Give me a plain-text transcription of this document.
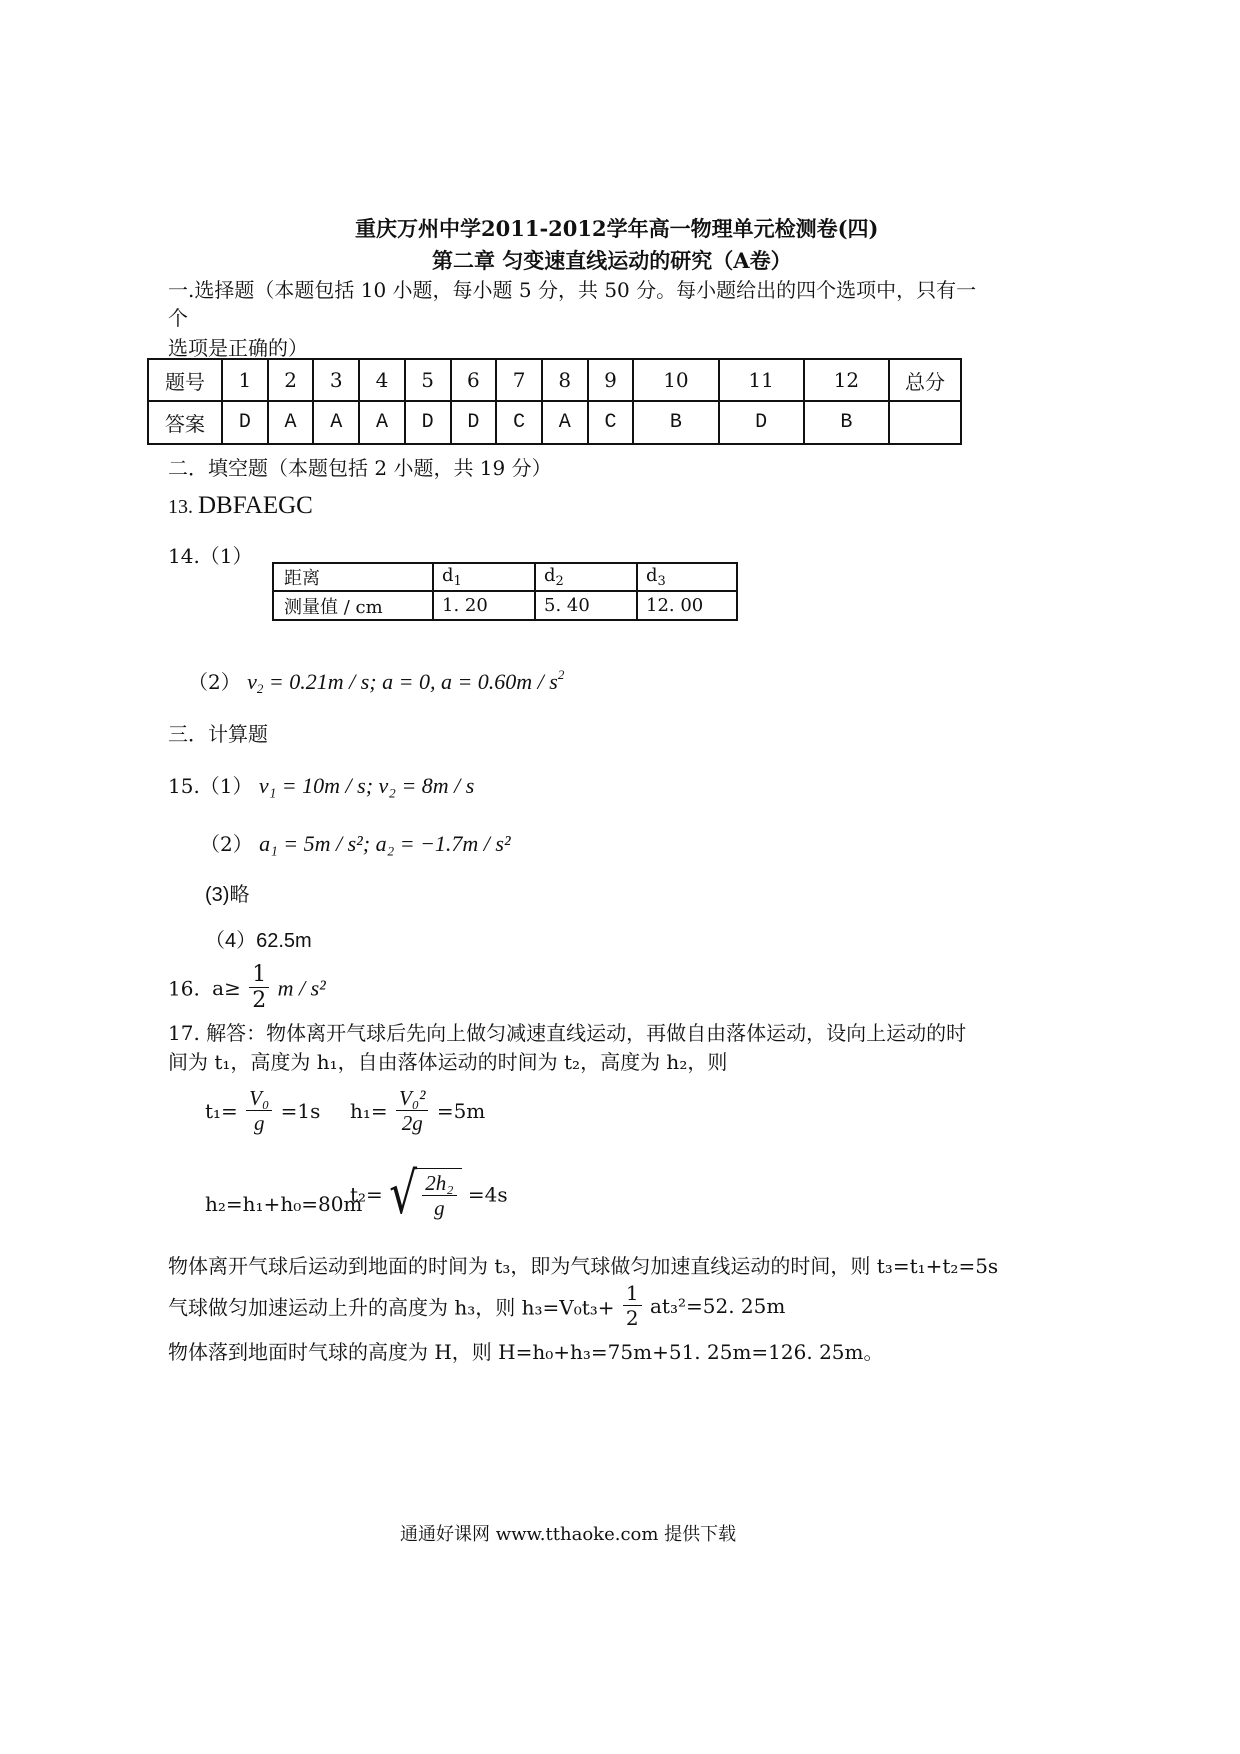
重庆万州中学2011-2012学年高一物理单元检测卷(四)
第二章 匀变速直线运动的研究（A卷）
一.选择题（本题包括 10 小题，每小题 5 分，共 50 分。每小题给出的四个选项中，只有一
个
选项是正确的）
题号	1	2	3	4	5	6	7	8	9	10	11	12	总分
答案	D	A	A	A	D	D	C	A	C	B	D	B	
二．填空题（本题包括 2 小题，共 19 分）
13. DBFAEGC
14.（1）
距离	$d_1$	$d_2$	$d_3$
测量值 / cm	1. 20	5. 40	12. 00
（2） $v_2 = 0.21m / s$; a = 0, $a = 0.60m / s^2$
三．计算题
15.（1） v₁ = 10m / s; v₂ = 8m / s
（2） a₁ = 5m / s²; a₂ = −1.7m / s²
(3)略
（4）62.5m
16. $a\ge \frac{1}{2}$ m / s²
17. 解答：物体离开气球后先向上做匀减速直线运动，再做自由落体运动，设向上运动的时
间为 t₁，高度为 h₁，自由落体运动的时间为 t₂，高度为 h₂，则
$t_1= \frac{\text{V₀}}{g} =1s$ $h_1= \frac{\text{V₀²}}{2g} =5m$
h₂=h₁+h₀=80m
t₂= √ $\frac{\text{2h₂}}{g} =4s$
物体离开气球后运动到地面的时间为 t₃，即为气球做匀加速直线运动的时间，则 t₃=t₁+t₂=5s
气球做匀加速运动上升的高度为 h₃，则 $h_3=V_0t_3+ \frac{1}{2} at_3^2=52$. 25m
物体落到地面时气球的高度为 H，则 H=h₀+h₃=75m+51. 25m=126. 25m。
通通好课网 www.tthaoke.com 提供下载
